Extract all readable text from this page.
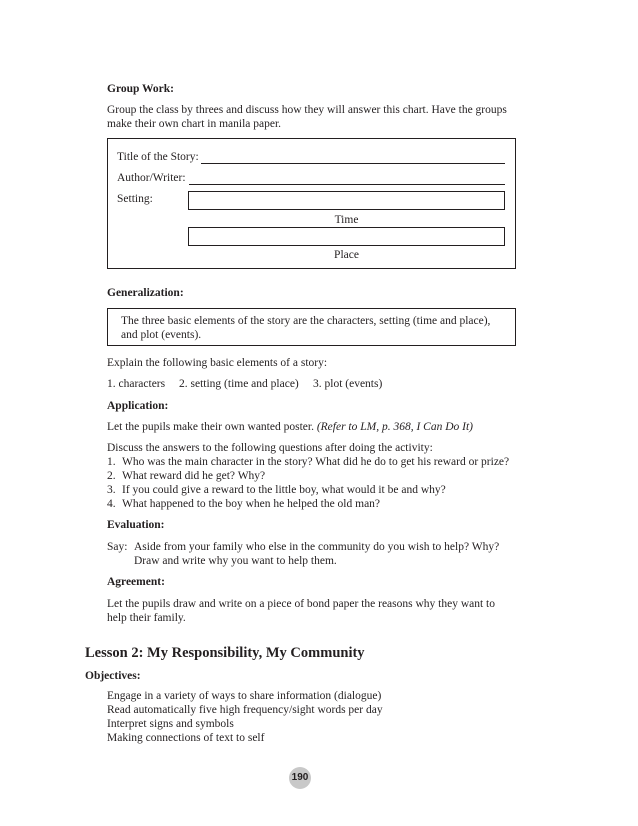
Group Work:
Group the class by threes and discuss how they will answer this chart. Have the groups
make their own chart in manila paper.
Title of the Story:
Author/Writer:
Setting:
Time
Place
Generalization:
The three basic elements of the story are the characters, setting (time and place),
and plot (events).
Explain the following basic elements of a story:
1. characters 2. setting (time and place) 3. plot (events)
Application:
Let the pupils make their own wanted poster. (Refer to LM, p. 368, I Can Do It)
Discuss the answers to the following questions after doing the activity:
1. Who was the main character in the story? What did he do to get his reward or prize?
2. What reward did he get? Why?
3. If you could give a reward to the little boy, what would it be and why?
4. What happened to the boy when he helped the old man?
Evaluation:
Say: Aside from your family who else in the community do you wish to help? Why?
Draw and write why you want to help them.
Agreement:
Let the pupils draw and write on a piece of bond paper the reasons why they want to
help their family.
Lesson 2: My Responsibility, My Community
Objectives:
Engage in a variety of ways to share information (dialogue)
Read automatically five high frequency/sight words per day
Interpret signs and symbols
Making connections of text to self
190
